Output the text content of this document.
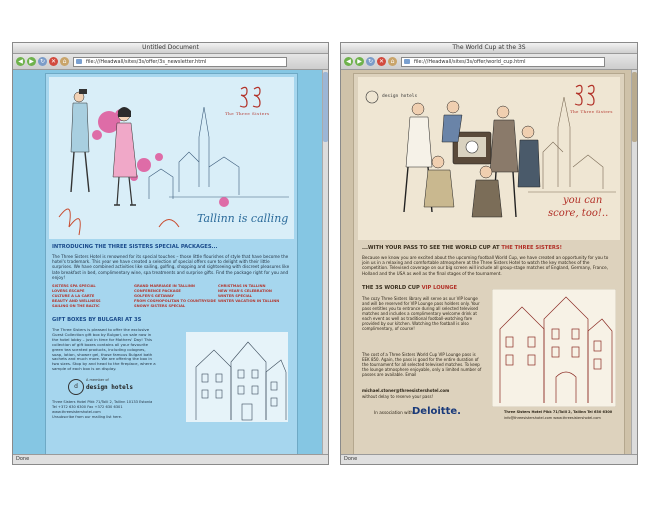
Untitled Document
◀	▶	↻ ✕	⌂	file:///Headwall/sites/3s/offer/3s_newsletter.html
The Three Sisters
Tallinn is calling
INTRODUCING THE THREE SISTERS SPECIAL PACKAGES...
The Three Sisters Hotel is renowned for its special touches – those little flourishes of style that have become the hotel's trademark. This year we have created a selection of special offers sure to delight with their little surprises. We have combined activities like sailing, golfing, shopping and sightseeing with discreet pleasures like late breakfast in bed, complimentary wine, spa treatments and surprise gifts. Find the package right for you and enjoy!
SISTERS SPA SPECIAL
LOVERS ESCAPE
CULTURE A LA CARTE
BEAUTY AND WELLNESS
SAILING ON THE BALTIC
GRAND MARRIAGE IN TALLINN
CONFERENCE PACKAGE
GOLFER'S GETAWAY
FROM COSMOPOLITAN TO COUNTRYSIDE
SNOWY SISTERS SPECIAL
CHRISTMAS IN TALLINN
NEW YEAR'S CELEBRATION
WINTER SPECIAL
WINTER VACATION IN TALLINN
GIFT BOXES BY BULGARI AT 3S
The Three Sisters is pleased to offer the exclusive Guest Collection gift box by Bulgari, on sale now in the hotel lobby – just in time for Mothers' Day! This collection of gift boxes contains all your favourite green tea scented products, including colognes, soap, lotion, shower gel, those famous Bulgari bath sachets and much more. We are offering the box in two sizes. Stop by and head to the fireplace, where a sample of each box is on display.
d
A member of
design hotels
Three Sisters Hotel Pikk 71/Tolli 2, Tallinn 10133 Estonia
Tel +372 630 6300 Fax +372 630 6301
www.threesistershotel.com
Unsubscribe from our mailing list here.
Done
The World Cup at the 3S
◀	▶	↻ ✕	⌂	file:///Headwall/sites/3s/offer/world_cup.html
design hotels
The Three Sisters
you can
score, too!..
...WITH YOUR PASS TO SEE THE WORLD CUP AT THE THREE SISTERS!
Because we know you are excited about the upcoming football World Cup, we have created an opportunity for you to join us in a relaxing and comfortable atmosphere at the Three Sisters Hotel to watch the key matches of the competition. Televised coverage on our big screen will include all group-stage matches of England, Germany, France, Holland and the USA as well as the final stages of the tournament.
THE 3S WORLD CUP VIP LOUNGE
The cozy Three Sisters library will serve as our VIP lounge and will be reserved for VIP Lounge pass holders only. Your pass entitles you to entrance during all selected televised matches and includes a complimentary welcome drink at each event as well as traditional football-watching fare provided by our kitchen. Watching the football is also complimentary, of course!
The cost of a Three Sisters World Cup VIP Lounge pass is EEK 850. Again, the pass is good for the entire duration of the tournament for all selected televised matches. To keep the lounge atmosphere enjoyable, only a limited number of passes are available. Email
michael.stoner@threesistershotel.com
without delay to reserve your pass!
In association with...
Deloitte.	Three Sisters Hotel Pikk 71/Tolli 2, Tallinn Tel 630 6300
info@threesistershotel.com www.threesistershotel.com
Done
